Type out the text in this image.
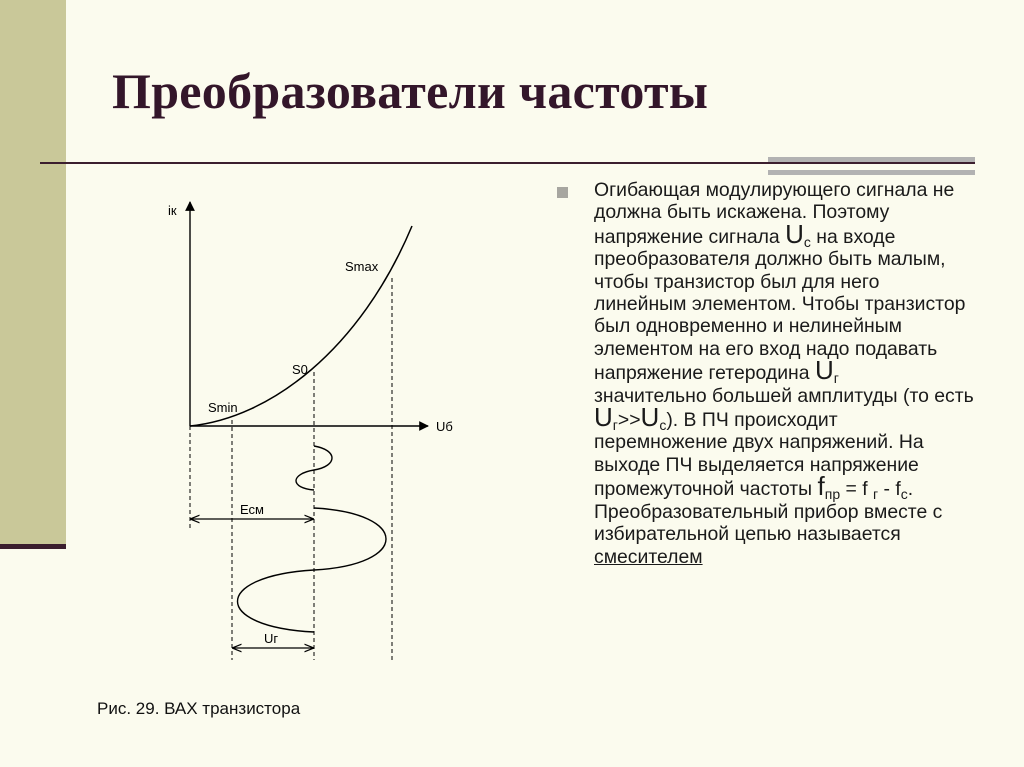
Преобразователи частоты
Огибающая модулирующего сигнала не должна быть искажена. Поэтому напряжение сигнала $U_с$ на входе преобразователя должно быть малым, чтобы транзистор был для него линейным элементом. Чтобы транзистор был одновременно и нелинейным элементом на его вход надо подавать напряжение гетеродина $U_гзначительно$ большей амплитуды (то есть $U_г>>U_с$). В ПЧ происходит перемножение двух напряжений. На выходе ПЧ выделяется напряжение промежуточной частоты $f_{пр} = f$ $_г - f_с$. Преобразовательный прибор вместе с избирательной цепью называется смесителем
iк
Uб
Smax
S0
Smin
Есм
Uг
Рис. 29. ВАХ транзистора
